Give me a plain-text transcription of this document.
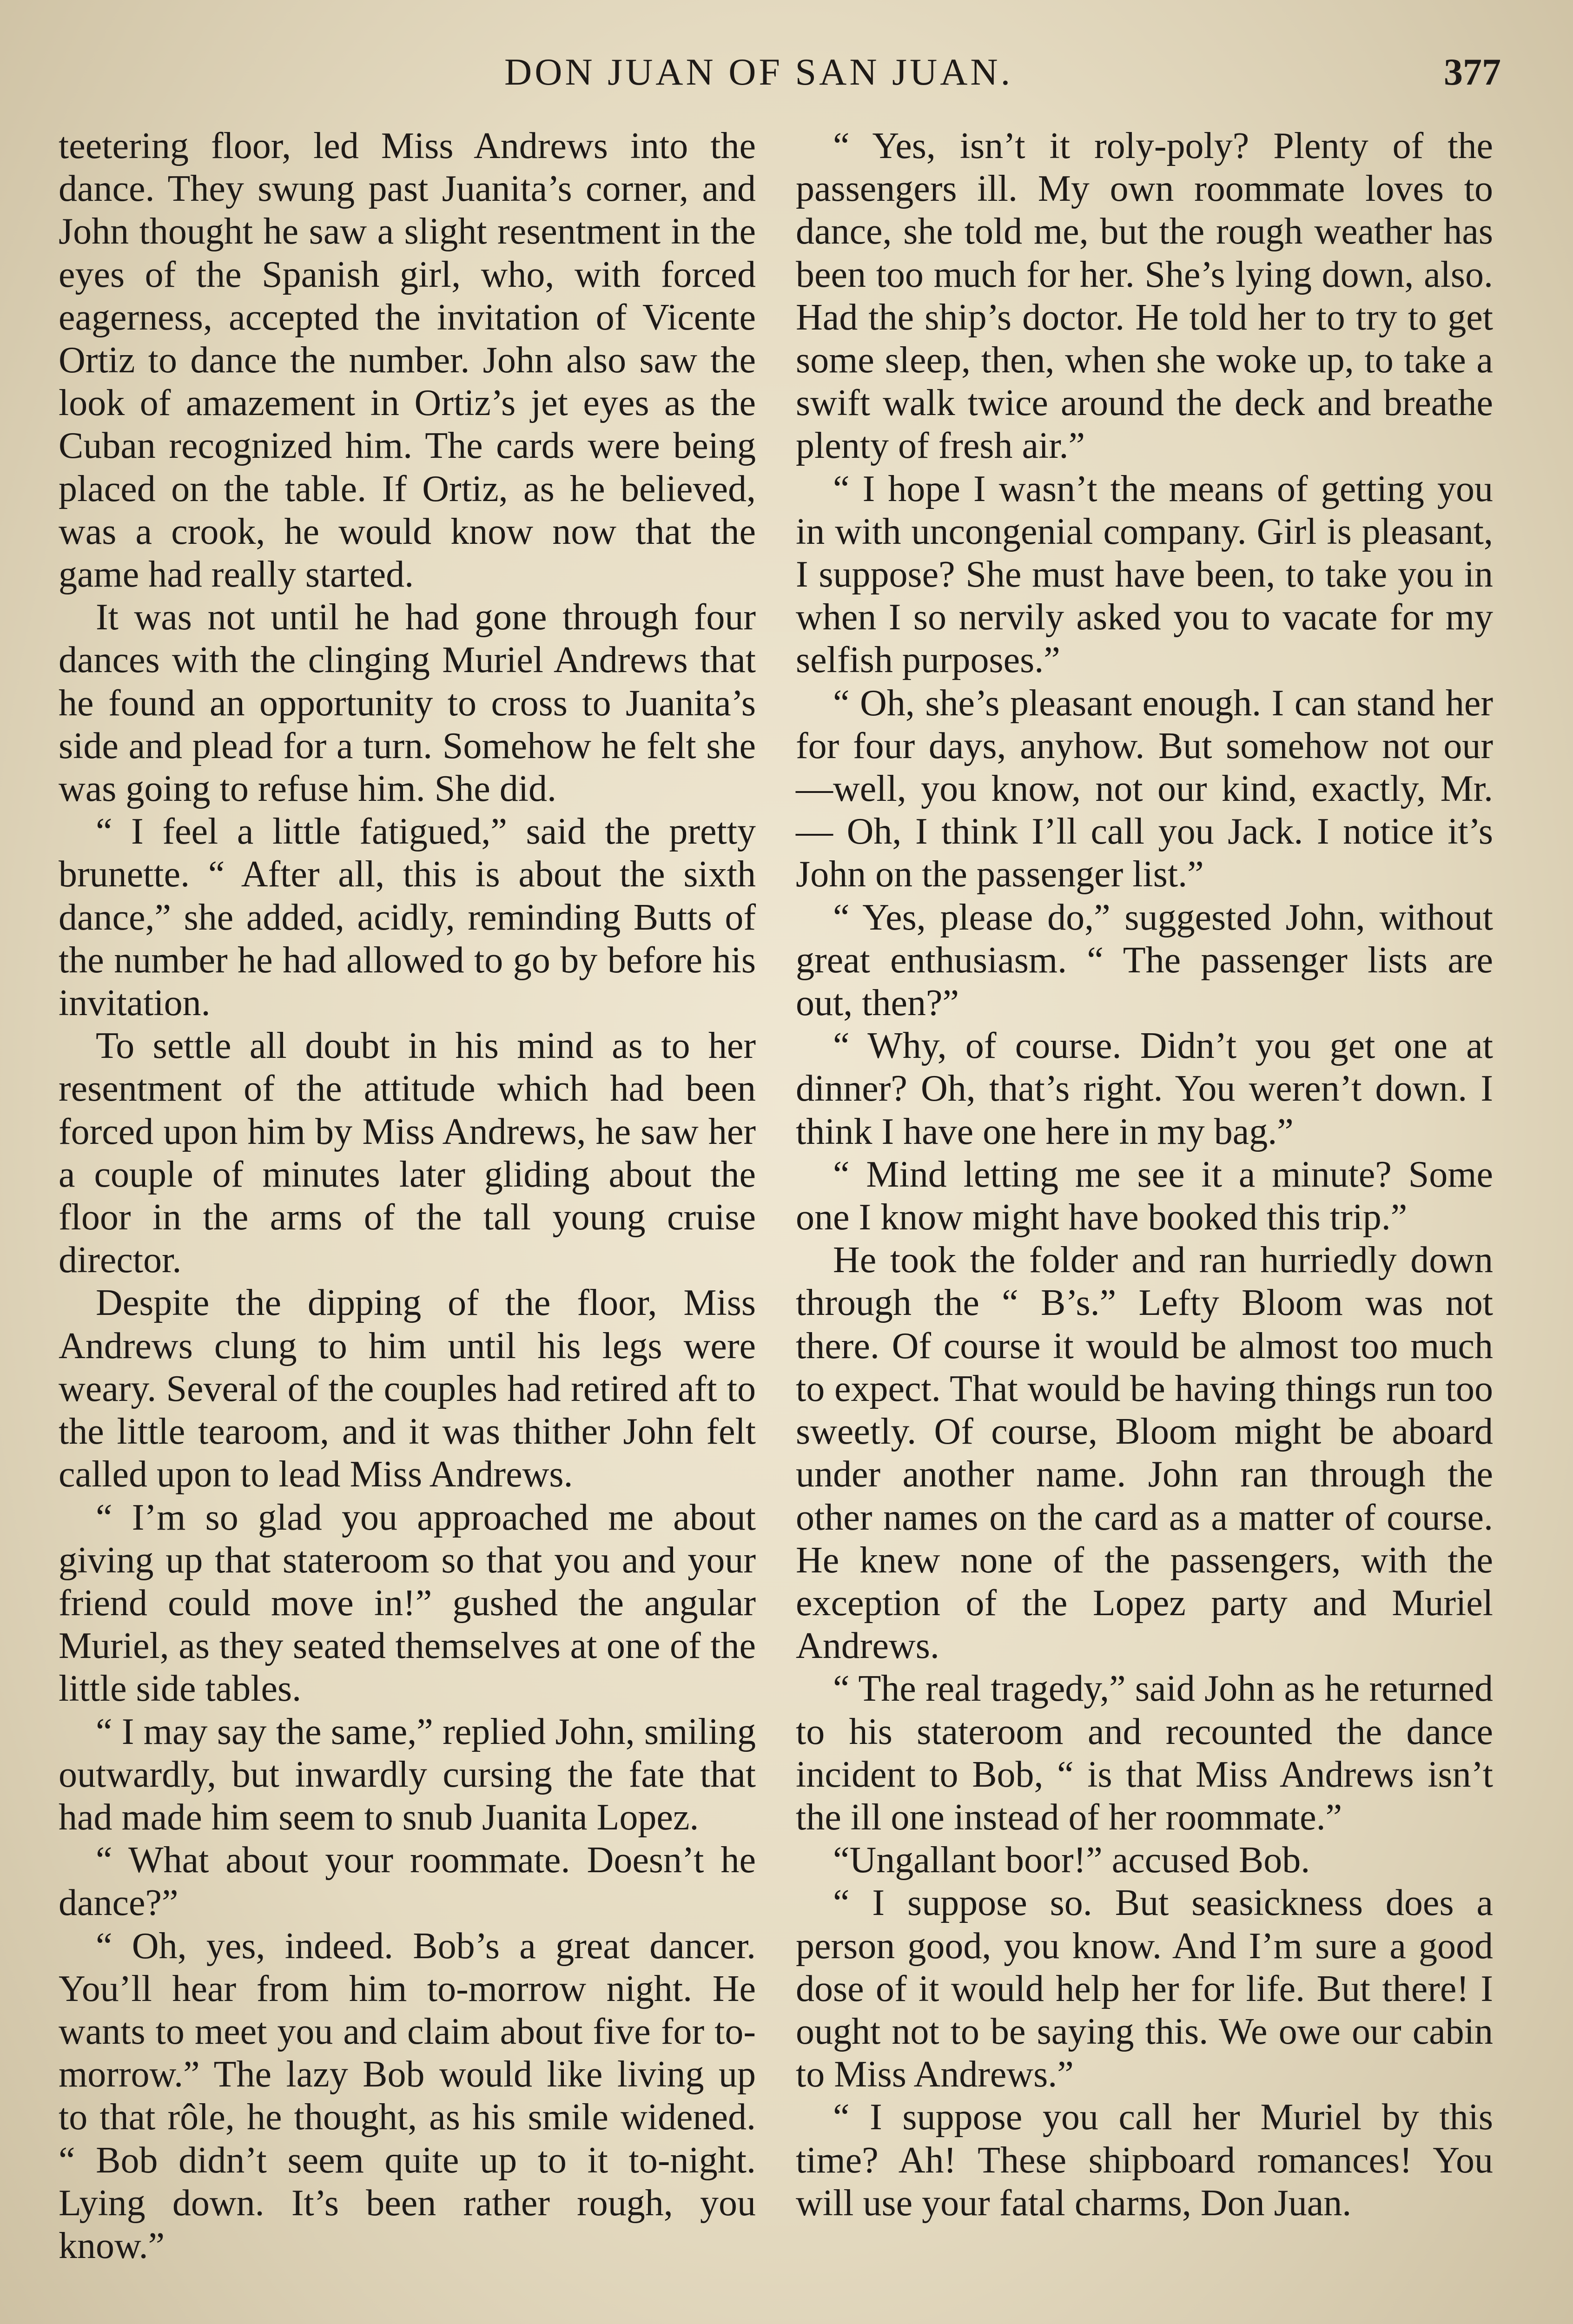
DON JUAN OF SAN JUAN.	377

teetering floor, led Miss Andrews into the dance. They swung past Juanita’s corner, and John thought he saw a slight resentment in the eyes of the Spanish girl, who, with forced eagerness, accepted the invitation of Vicente Ortiz to dance the number. John also saw the look of amazement in Ortiz’s jet eyes as the Cuban recognized him. The cards were being placed on the table. If Ortiz, as he believed, was a crook, he would know now that the game had really started.

It was not until he had gone through four dances with the clinging Muriel Andrews that he found an opportunity to cross to Juanita’s side and plead for a turn. Somehow he felt she was going to refuse him. She did.

“ I feel a little fatigued,” said the pretty brunette. “ After all, this is about the sixth dance,” she added, acidly, reminding Butts of the number he had allowed to go by before his invitation.

To settle all doubt in his mind as to her resentment of the attitude which had been forced upon him by Miss Andrews, he saw her a couple of minutes later gliding about the floor in the arms of the tall young cruise director.

Despite the dipping of the floor, Miss Andrews clung to him until his legs were weary. Several of the couples had retired aft to the little tearoom, and it was thither John felt called upon to lead Miss Andrews.

“ I’m so glad you approached me about giving up that stateroom so that you and your friend could move in!” gushed the angular Muriel, as they seated themselves at one of the little side tables.

“ I may say the same,” replied John, smiling outwardly, but inwardly cursing the fate that had made him seem to snub Juanita Lopez.

“ What about your roommate. Doesn’t he dance?”

“ Oh, yes, indeed. Bob’s a great dancer. You’ll hear from him to-morrow night. He wants to meet you and claim about five for to-morrow.” The lazy Bob would like living up to that rôle, he thought, as his smile widened. “ Bob didn’t seem quite up to it to-night. Lying down. It’s been rather rough, you know.”

“ Yes, isn’t it roly-poly? Plenty of the passengers ill. My own roommate loves to dance, she told me, but the rough weather has been too much for her. She’s lying down, also. Had the ship’s doctor. He told her to try to get some sleep, then, when she woke up, to take a swift walk twice around the deck and breathe plenty of fresh air.”

“ I hope I wasn’t the means of getting you in with uncongenial company. Girl is pleasant, I suppose? She must have been, to take you in when I so nervily asked you to vacate for my selfish purposes.”

“ Oh, she’s pleasant enough. I can stand her for four days, anyhow. But somehow not our—well, you know, not our kind, exactly, Mr.— Oh, I think I’ll call you Jack. I notice it’s John on the passenger list.”

“ Yes, please do,” suggested John, without great enthusiasm. “ The passenger lists are out, then?”

“ Why, of course. Didn’t you get one at dinner? Oh, that’s right. You weren’t down. I think I have one here in my bag.”

“ Mind letting me see it a minute? Some one I know might have booked this trip.”

He took the folder and ran hurriedly down through the “ B’s.” Lefty Bloom was not there. Of course it would be almost too much to expect. That would be having things run too sweetly. Of course, Bloom might be aboard under another name. John ran through the other names on the card as a matter of course. He knew none of the passengers, with the exception of the Lopez party and Muriel Andrews.

“ The real tragedy,” said John as he returned to his stateroom and recounted the dance incident to Bob, “ is that Miss Andrews isn’t the ill one instead of her roommate.”

“Ungallant boor!” accused Bob.

“ I suppose so. But seasickness does a person good, you know. And I’m sure a good dose of it would help her for life. But there! I ought not to be saying this. We owe our cabin to Miss Andrews.”

“ I suppose you call her Muriel by this time? Ah! These shipboard romances! You will use your fatal charms, Don Juan.
